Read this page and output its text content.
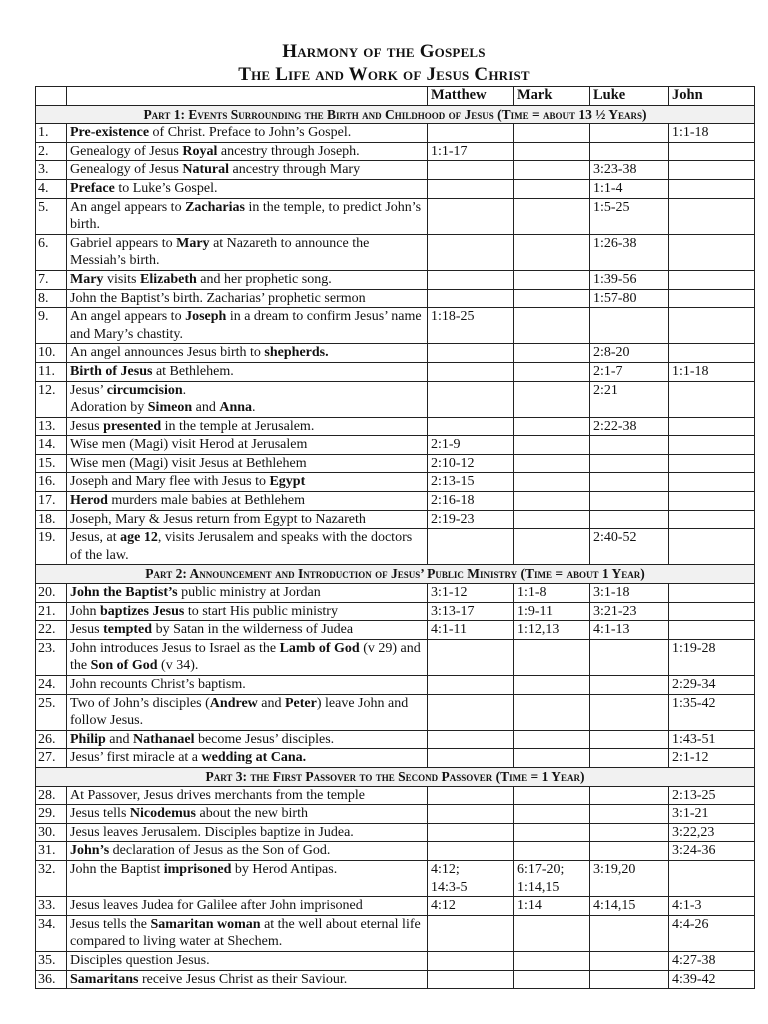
Harmony of the Gospels
The Life and Work of Jesus Christ
		Matthew	Mark	Luke	John
Part 1: Events Surrounding the Birth and Childhood of Jesus (Time = about 13 ½ Years)					
1.	Pre-existence of Christ. Preface to John’s Gospel.				1:1-18
2.	Genealogy of Jesus Royal ancestry through Joseph.	1:1-17			
3.	Genealogy of Jesus Natural ancestry through Mary			3:23-38	
4.	Preface to Luke’s Gospel.			1:1-4	
5.	An angel appears to Zacharias in the temple, to predict John’s birth.			1:5-25	
6.	Gabriel appears to Mary at Nazareth to announce the Messiah’s birth.			1:26-38	
7.	Mary visits Elizabeth and her prophetic song.			1:39-56	
8.	John the Baptist’s birth. Zacharias’ prophetic sermon			1:57-80	
9.	An angel appears to Joseph in a dream to confirm Jesus’ name and Mary’s chastity.	1:18-25			
10.	An angel announces Jesus birth to shepherds.			2:8-20	
11.	Birth of Jesus at Bethlehem.			2:1-7	1:1-18
12.	Jesus’ circumcision.
Adoration by Simeon and Anna.			2:21	
13.	Jesus presented in the temple at Jerusalem.			2:22-38	
14.	Wise men (Magi) visit Herod at Jerusalem	2:1-9			
15.	Wise men (Magi) visit Jesus at Bethlehem	2:10-12			
16.	Joseph and Mary flee with Jesus to Egypt	2:13-15			
17.	Herod murders male babies at Bethlehem	2:16-18			
18.	Joseph, Mary & Jesus return from Egypt to Nazareth	2:19-23			
19.	Jesus, at age 12, visits Jerusalem and speaks with the doctors of the law.			2:40-52	
Part 2: Announcement and Introduction of Jesus’ Public Ministry (Time = about 1 Year)					
20.	John the Baptist’s public ministry at Jordan	3:1-12	1:1-8	3:1-18	
21.	John baptizes Jesus to start His public ministry	3:13-17	1:9-11	3:21-23	
22.	Jesus tempted by Satan in the wilderness of Judea	4:1-11	1:12,13	4:1-13	
23.	John introduces Jesus to Israel as the Lamb of God (v 29) and the Son of God (v 34).				1:19-28
24.	John recounts Christ’s baptism.				2:29-34
25.	Two of John’s disciples (Andrew and Peter) leave John and follow Jesus.				1:35-42
26.	Philip and Nathanael become Jesus’ disciples.				1:43-51
27.	Jesus’ first miracle at a wedding at Cana.				2:1-12
Part 3: the First Passover to the Second Passover (Time = 1 Year)					
28.	At Passover, Jesus drives merchants from the temple				2:13-25
29.	Jesus tells Nicodemus about the new birth				3:1-21
30.	Jesus leaves Jerusalem. Disciples baptize in Judea.				3:22,23
31.	John’s declaration of Jesus as the Son of God.				3:24-36
32.	John the Baptist imprisoned by Herod Antipas.	4:12;
14:3-5	6:17-20;
1:14,15	3:19,20	
33.	Jesus leaves Judea for Galilee after John imprisoned	4:12	1:14	4:14,15	4:1-3
34.	Jesus tells the Samaritan woman at the well about eternal life compared to living water at Shechem.				4:4-26
35.	Disciples question Jesus.				4:27-38
36.	Samaritans receive Jesus Christ as their Saviour.				4:39-42
